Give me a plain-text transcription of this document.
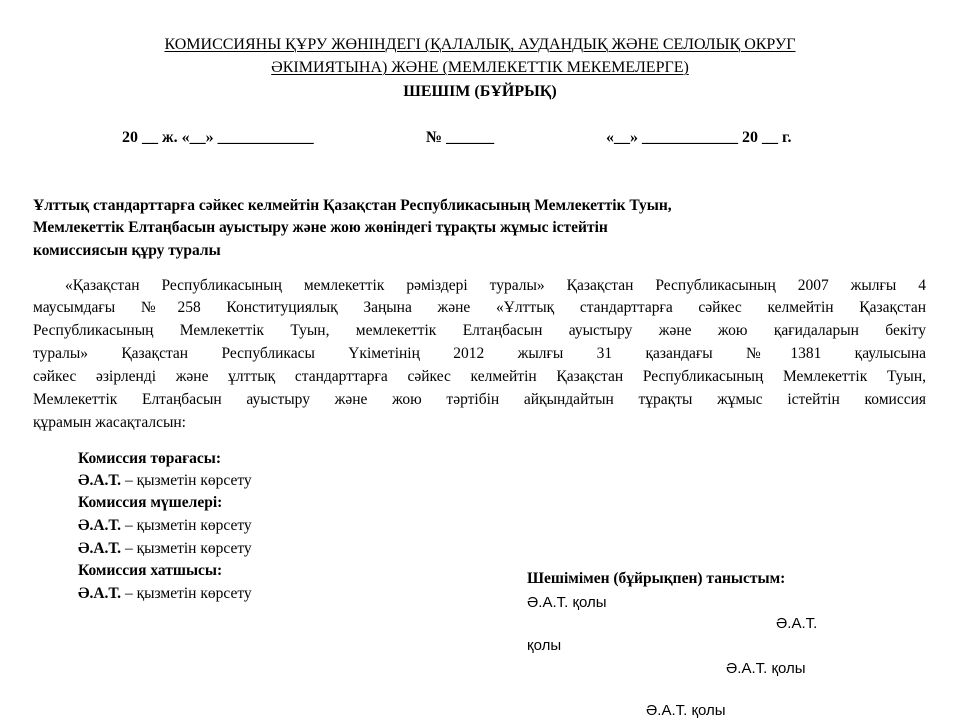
КОМИССИЯНЫ ҚҰРУ ЖӨНІНДЕГІ (ҚАЛАЛЫҚ, АУДАНДЫҚ ЖӘНЕ СЕЛОЛЫҚ ОКРУГ
ӘКІМИЯТЫНА) ЖӘНЕ (МЕМЛЕКЕТТІК МЕКЕМЕЛЕРГЕ)
ШЕШІМ (БҰЙРЫҚ)
20 __ ж. «__» ____________	№ ______	«__» ____________ 20 __ г.
Ұлттық стандарттарға сәйкес келмейтін Қазақстан Республикасының Мемлекеттік Туын,
Мемлекеттік Елтаңбасын ауыстыру және жою жөніндегі тұрақты жұмыс істейтін
комиссиясын құру туралы
«Қазақстан Республикасының мемлекеттік рәміздері туралы» Қазақстан Республикасының 2007 жылғы 4
маусымдағы №258 Конституциялық Заңына және «Ұлттық стандарттарға сәйкес келмейтін Қазақстан
Республикасының Мемлекеттік Туын, мемлекеттік Елтаңбасын ауыстыру және жою қағидаларын бекіту
туралы» Қазақстан Республикасы Үкіметінің 2012 жылғы 31 қазандағы №1381 қаулысына
сәйкес әзірленді және ұлттық стандарттарға сәйкес келмейтін Қазақстан Республикасының Мемлекеттік Туын,
Мемлекеттік Елтаңбасын ауыстыру және жою тәртібін айқындайтын тұрақты жұмыс істейтін комиссия
құрамын жасақталсын:
Комиссия төрағасы:
Ә.А.Т. – қызметін көрсету
Комиссия мүшелері:
Ә.А.Т. – қызметін көрсету
Ә.А.Т. – қызметін көрсету
Комиссия хатшысы:
Ә.А.Т. – қызметін көрсету
Шешімімен (бұйрықпен) таныстым:
Ә.А.Т. қолы
Ә.А.Т.
қолы
Ә.А.Т. қолы
Ә.А.Т. қолы
